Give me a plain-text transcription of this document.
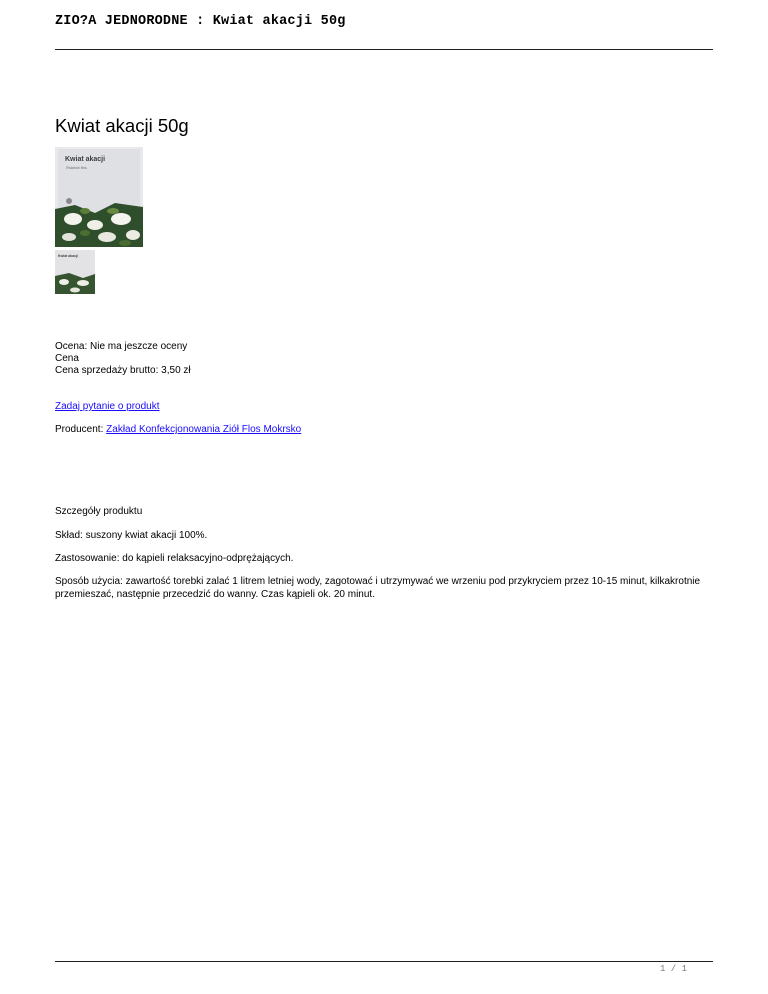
ZIO?A JEDNORODNE : Kwiat akacji 50g
Kwiat akacji 50g
Kwiat akacji
Robinia flos
Kwiat akacji
Ocena: Nie ma jeszcze oceny
Cena
Cena sprzedaży brutto: 3,50 zł
Zadaj pytanie o produkt
Producent: Zakład Konfekcjonowania Ziół Flos Mokrsko
Szczegóły produktu
Skład: suszony kwiat akacji 100%.
Zastosowanie: do kąpieli relaksacyjno-odprężających.
Sposób użycia: zawartość torebki zalać 1 litrem letniej wody, zagotować i utrzymywać we wrzeniu pod przykryciem przez 10-15 minut, kilkakrotnie przemieszać, następnie przecedzić do wanny. Czas kąpieli ok. 20 minut.
1 / 1
